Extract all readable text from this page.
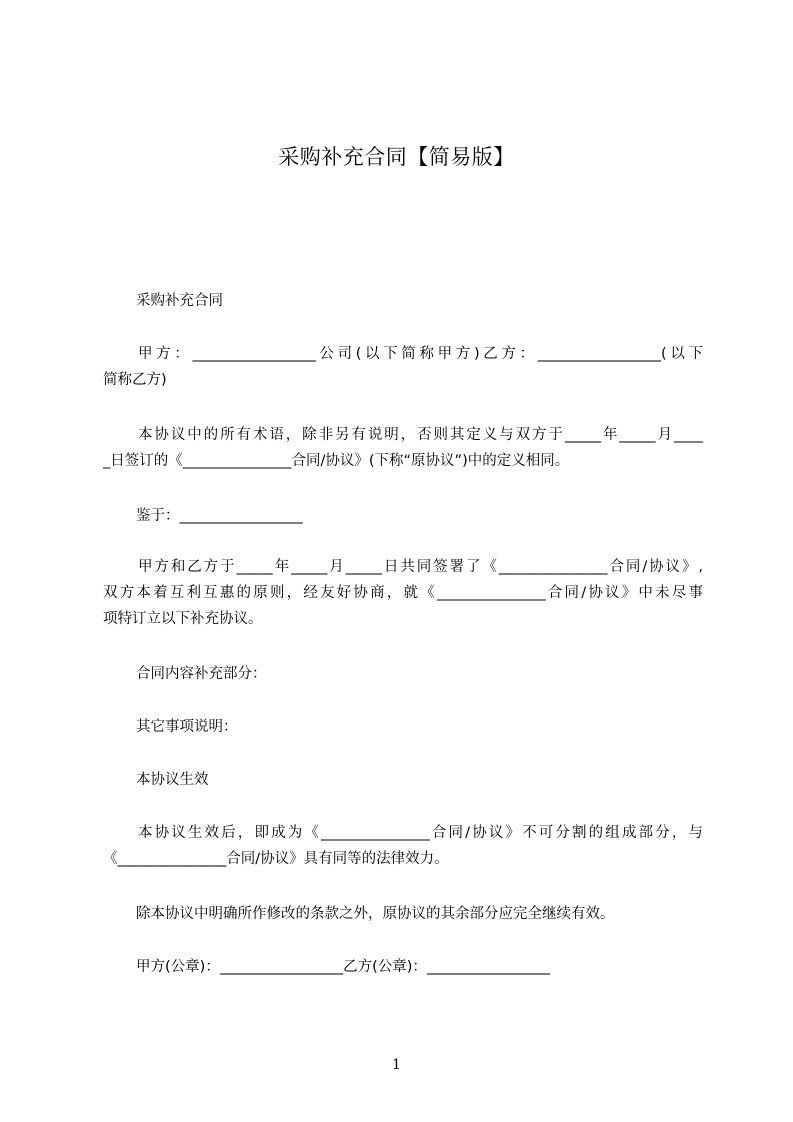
采购补充合同【简易版】
采购补充合同
甲方：_________________公司(以下简称甲方)乙方：_________________(以下
简称乙方)
本协议中的所有术语，除非另有说明，否则其定义与双方于_____年_____月____
_日签订的《_______________合同/协议》(下称“原协议”)中的定义相同。
鉴于：_________________
甲方和乙方于_____年_____月_____日共同签署了《_______________合同/协议》,
双方本着互利互惠的原则，经友好协商，就《_______________合同/协议》中未尽事
项特订立以下补充协议。
合同内容补充部分：
其它事项说明：
本协议生效
本协议生效后，即成为《_______________合同/协议》不可分割的组成部分，与
《_______________合同/协议》具有同等的法律效力。
除本协议中明确所作修改的条款之外，原协议的其余部分应完全继续有效。
甲方(公章)：_________________乙方(公章)：_________________
1
